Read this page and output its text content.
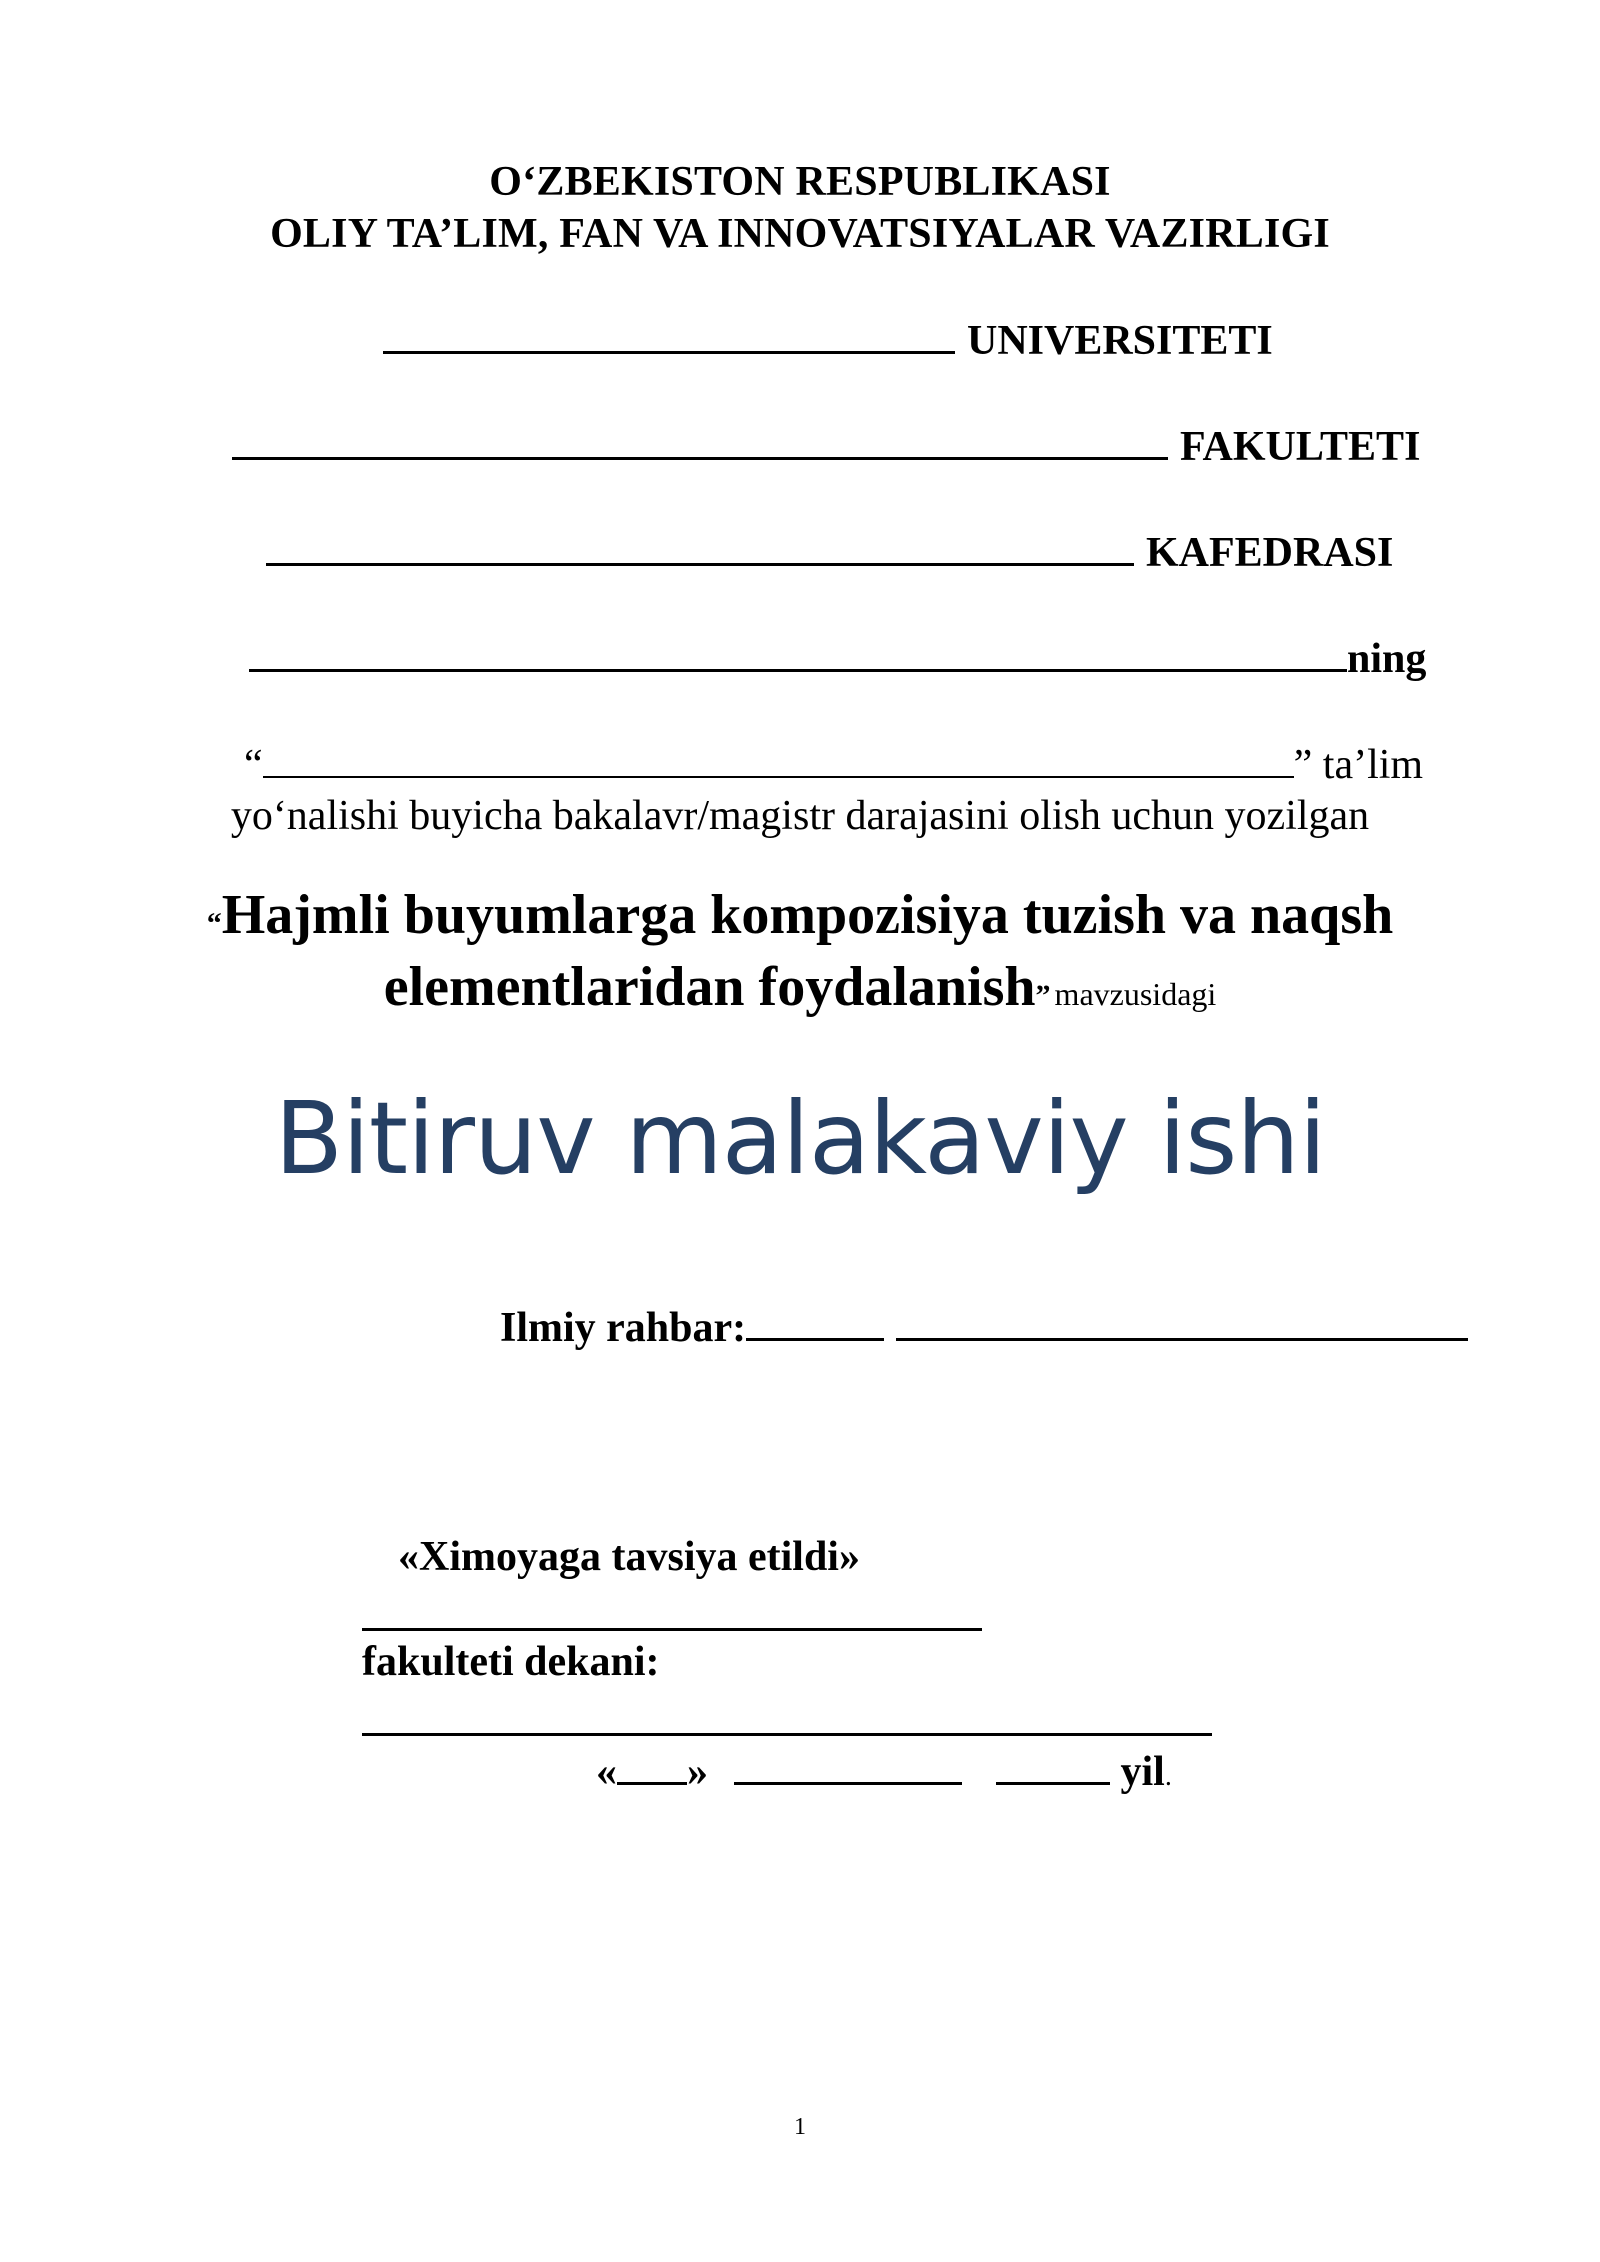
O‘ZBEKISTON RESPUBLIKASI
OLIY TA’LIM, FAN VA INNOVATSIYALAR VAZIRLIGI
UNIVERSITETI
FAKULTETI
KAFEDRASI
ning
“	” ta’lim
yo‘nalishi buyicha bakalavr/magistr darajasini olish uchun yozilgan
“Hajmli buyumlarga kompozisiya tuzish va naqsh
elementlaridan foydalanish” mavzusidagi
Bitiruv malakaviy ishi
Ilmiy rahbar:
«Ximoyaga tavsiya etildi»
fakulteti dekani:
« »	yil.
1
